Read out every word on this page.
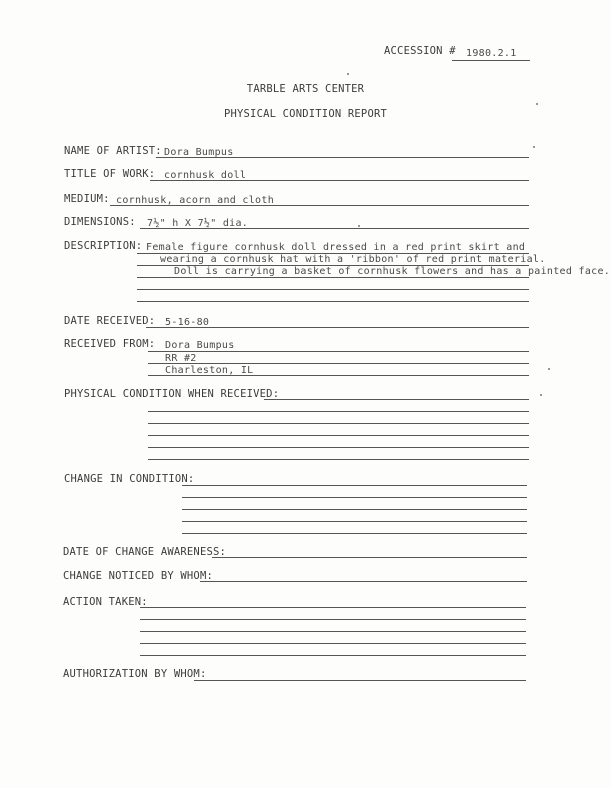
ACCESSION # 1980.2.1
TARBLE ARTS CENTER
PHYSICAL CONDITION REPORT
NAME OF ARTIST: Dora Bumpus
TITLE OF WORK: cornhusk doll
MEDIUM: cornhusk, acorn and cloth
DIMENSIONS: 7½" h X 7½" dia.
DESCRIPTION: Female figure cornhusk doll dressed in a red print skirt and
wearing a cornhusk hat with a 'ribbon' of red print material.
Doll is carrying a basket of cornhusk flowers and has a painted face.
DATE RECEIVED: 5-16-80
RECEIVED FROM: Dora Bumpus
RR #2
Charleston, IL
PHYSICAL CONDITION WHEN RECEIVED:
CHANGE IN CONDITION:
DATE OF CHANGE AWARENESS:
CHANGE NOTICED BY WHOM:
ACTION TAKEN:
AUTHORIZATION BY WHOM:
